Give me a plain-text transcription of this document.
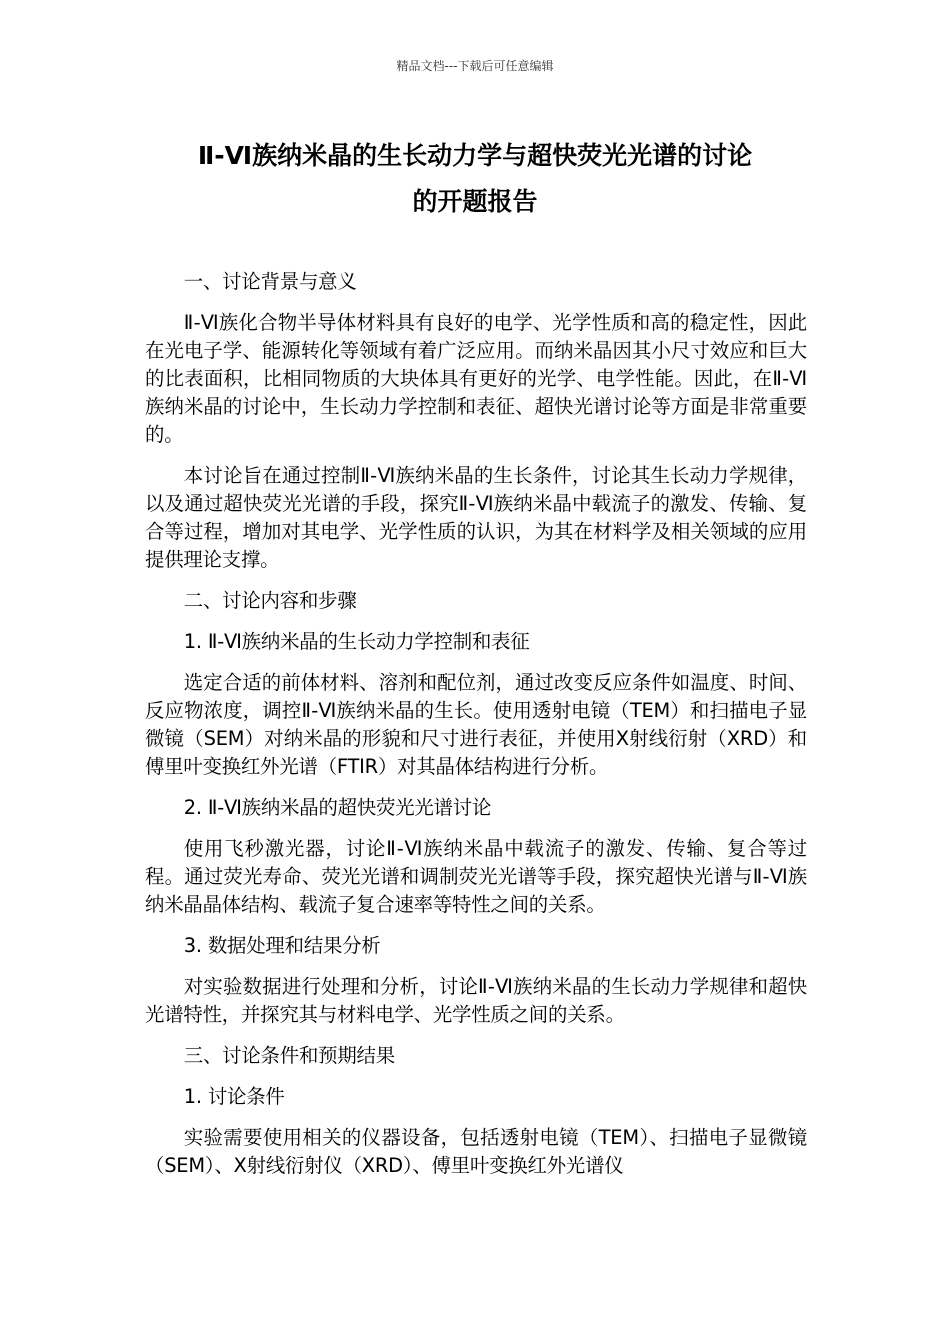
精品文档---下载后可任意编辑
Ⅱ-Ⅵ族纳米晶的生长动力学与超快荧光光谱的讨论
的开题报告

一、讨论背景与意义

Ⅱ-Ⅵ族化合物半导体材料具有良好的电学、光学性质和高的稳定性，因此在光电子学、能源转化等领域有着广泛应用。而纳米晶因其小尺寸效应和巨大的比表面积，比相同物质的大块体具有更好的光学、电学性能。因此，在Ⅱ-Ⅵ族纳米晶的讨论中，生长动力学控制和表征、超快光谱讨论等方面是非常重要的。

本讨论旨在通过控制Ⅱ-Ⅵ族纳米晶的生长条件，讨论其生长动力学规律，以及通过超快荧光光谱的手段，探究Ⅱ-Ⅵ族纳米晶中载流子的激发、传输、复合等过程，增加对其电学、光学性质的认识，为其在材料学及相关领域的应用提供理论支撑。

二、讨论内容和步骤

1. Ⅱ-Ⅵ族纳米晶的生长动力学控制和表征

选定合适的前体材料、溶剂和配位剂，通过改变反应条件如温度、时间、反应物浓度，调控Ⅱ-Ⅵ族纳米晶的生长。使用透射电镜（TEM）和扫描电子显微镜（SEM）对纳米晶的形貌和尺寸进行表征，并使用X射线衍射（XRD）和傅里叶变换红外光谱（FTIR）对其晶体结构进行分析。

2. Ⅱ-Ⅵ族纳米晶的超快荧光光谱讨论

使用飞秒激光器，讨论Ⅱ-Ⅵ族纳米晶中载流子的激发、传输、复合等过程。通过荧光寿命、荧光光谱和调制荧光光谱等手段，探究超快光谱与Ⅱ-Ⅵ族纳米晶晶体结构、载流子复合速率等特性之间的关系。

3. 数据处理和结果分析

对实验数据进行处理和分析，讨论Ⅱ-Ⅵ族纳米晶的生长动力学规律和超快光谱特性，并探究其与材料电学、光学性质之间的关系。

三、讨论条件和预期结果

1. 讨论条件

实验需要使用相关的仪器设备，包括透射电镜（TEM）、扫描电子显微镜（SEM）、X射线衍射仪（XRD）、傅里叶变换红外光谱仪
